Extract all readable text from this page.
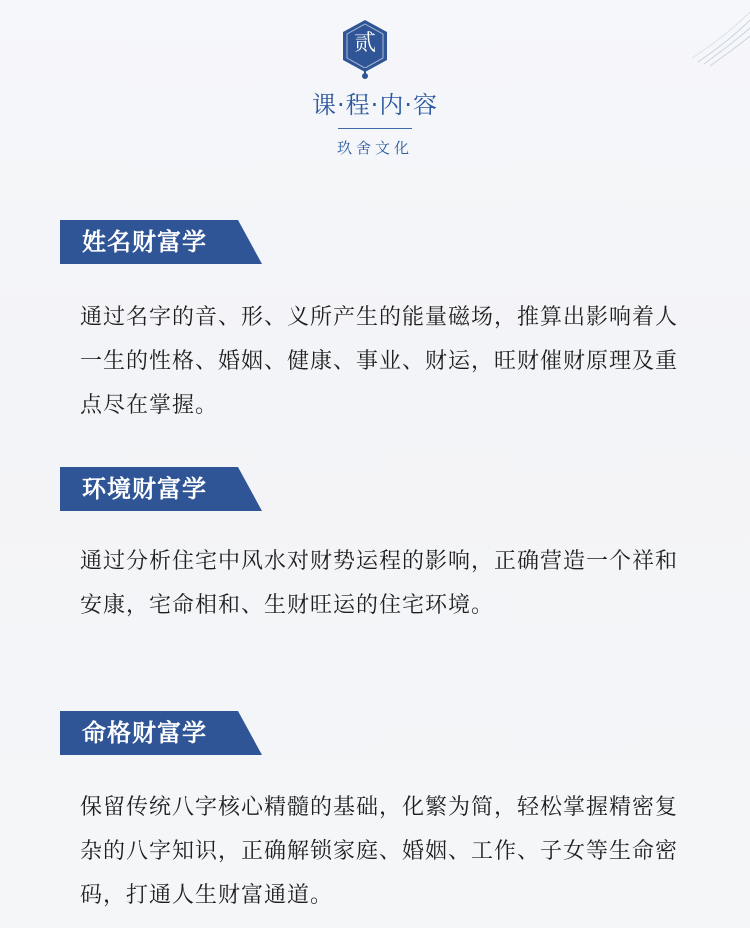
贰
课·程·内·容
玖舍文化
姓名财富学
通过名字的音、形、义所产生的能量磁场，推算出影响着人一生的性格、婚姻、健康、事业、财运，旺财催财原理及重点尽在掌握。
环境财富学
通过分析住宅中风水对财势运程的影响，正确营造一个祥和安康，宅命相和、生财旺运的住宅环境。
命格财富学
保留传统八字核心精髓的基础，化繁为简，轻松掌握精密复杂的八字知识，正确解锁家庭、婚姻、工作、子女等生命密码，打通人生财富通道。
